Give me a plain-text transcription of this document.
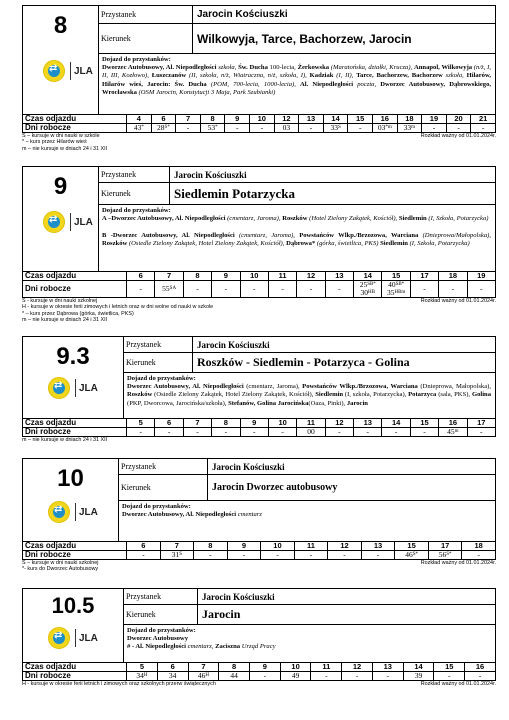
8
⇄
JLA
Przystanek	Jarocin Kościuszki
Kierunek	Wilkowyja, Tarce, Bachorzew, Jarocin
Dojazd do przystanków:
Dworzec Autobusowy, Al. Niepodległości szkoła, Św. Ducha 100-lecia, Żerkowska (Maratońska, działki, Krucza), Annapol, Wilkowyja (n/ż, I, II, III, Kozłowo), Łuszczanów (II, szkoła, n/ż, Wiatraczna, n/ż, szkoła, I), Kadziak (I, II), Tarce, Bachorzew, Bachorzew szkoła, Hilarów, Hilarów wieś, Jarocin: Św. Ducha (POM, 700-lecia, 1000-lecia), Al. Niepodległości poczta, Dworzec Autobusowy, Dąbrowskiego, Wrocławska (OSM Jarocin, Konstytucji 3 Maja, Park Szubianki)
Czas odjazdu	4	6	7	8	9	10	12	13	14	15	16	18	19	20	21
Dni robocze	43*	$28^{S*}$	-	53*	-	-	03	-	$33^S$	-	03$^{*m}$	33$^m$	-	-	-
S – kursuje w dni nauki w szkole
* – kurs przez Hilarów wieś
m – nie kursuje w dniach 24 i 31 XII
Rozkład ważny od 01.01.2024r.
9
⇄
JLA
Przystanek	Jarocin Kościuszki
Kierunek	Siedlemin Potarzycka
Dojazd do przystanków:
A –Dworzec Autobusowy, Al. Niepodległości (cmentarz, Jaroma), Roszków (Hotel Zielony Zakątek, Kościół), Siedlemin (I, Szkoła, Potarzycka)

B -Dworzec Autobusowy, Al. Niepodległości (cmentarz, Jaroma), Powstańców Wlkp./Brzozowa, Warciana (Dnieprowa/Małopolska), Roszków (Osiedle Zielony Zakątek, Hotel Zielony Zakątek, Kościół), Dąbrowa* (górka, świetlica, PKS) Siedlemin (I, Szkoła, Potarzycka)
Czas odjazdu	6	7	8	9	10	11	12	13	14	15	17	18	19
Dni robocze	-	$55^{SA}$	-	-	-	-	-	-	$25^{SB*}$ $30^{HB}$	$40^{SB*}$ $35^{HBm}$	-	-	-
S - kursuje w dni nauki szkolnej
H - kursuje w okresie ferii zimowych i letnich oraz w dni wolne od nauki w szkole
* – kurs przez Dąbrowa (górka, świetlica, PKS)
m – nie kursuje w dniach 24 i 31 XII
Rozkład ważny od 01.01.2024r.
9.3
⇄
JLA
Przystanek	Jarocin Kościuszki
Kierunek	Roszków - Siedlemin - Potarzyca - Golina
Dojazd do przystanków:
Dworzec Autobusowy, Al. Niepodległości (cmentarz, Jaroma), Powstańców Wlkp./Brzozowa, Warciana (Dnieprowa, Małopolska), Roszków (Osiedle Zielony Zakątek, Hotel Zielony Zakątek, Kościół), Siedlemin (I, szkoła, Potarzycka), Potarzyca (sala, PKS), Golina (PKP, Dworcowa, Jarocińska/szkoła), Stefanów, Golina Jarocińska(Oaza, Pinki), Jarocin
Czas odjazdu	5	6	7	8	9	10	11	12	13	14	15	16	17
Dni robocze	-	-	-	-	-	-	00	-	-	-	-	45$^m$	-
m – nie kursuje w dniach 24 i 31 XII
10
⇄
JLA
Przystanek	Jarocin Kościuszki
Kierunek	Jarocin Dworzec autobusowy
Dojazd do przystanków:
Dworzec Autobusowy, Al. Niepodległości cmentarz
Czas odjazdu	6	7	8	9	10	11	12	13	15	17	18
Dni robocze	-	$31^S$	-	-	-	-	-	-	$46^{S*}$	$56^{S*}$	-
S – kursuje w dni nauki szkolnej
*- kurs do Dworzec Autobusowy
Rozkład ważny od 01.01.2024r.
10.5
⇄
JLA
Przystanek	Jarocin Kościuszki
Kierunek	Jarocin
Dojazd do przystanków:
Dworzec Autobusowy
# - Al. Niepodległości cmentarz, Zaciszna Urząd Pracy
Czas odjazdu	5	6	7	8	9	10	11	12	13	14	15	16
Dni robocze	$34^H$	34	$46^H$	44	-	49	-	-	-	39	-	-
H - kursuje w okresie ferii letnich i zimowych oraz szkolnych przerw świątecznych	Rozkład ważny od 01.01.2024r.
